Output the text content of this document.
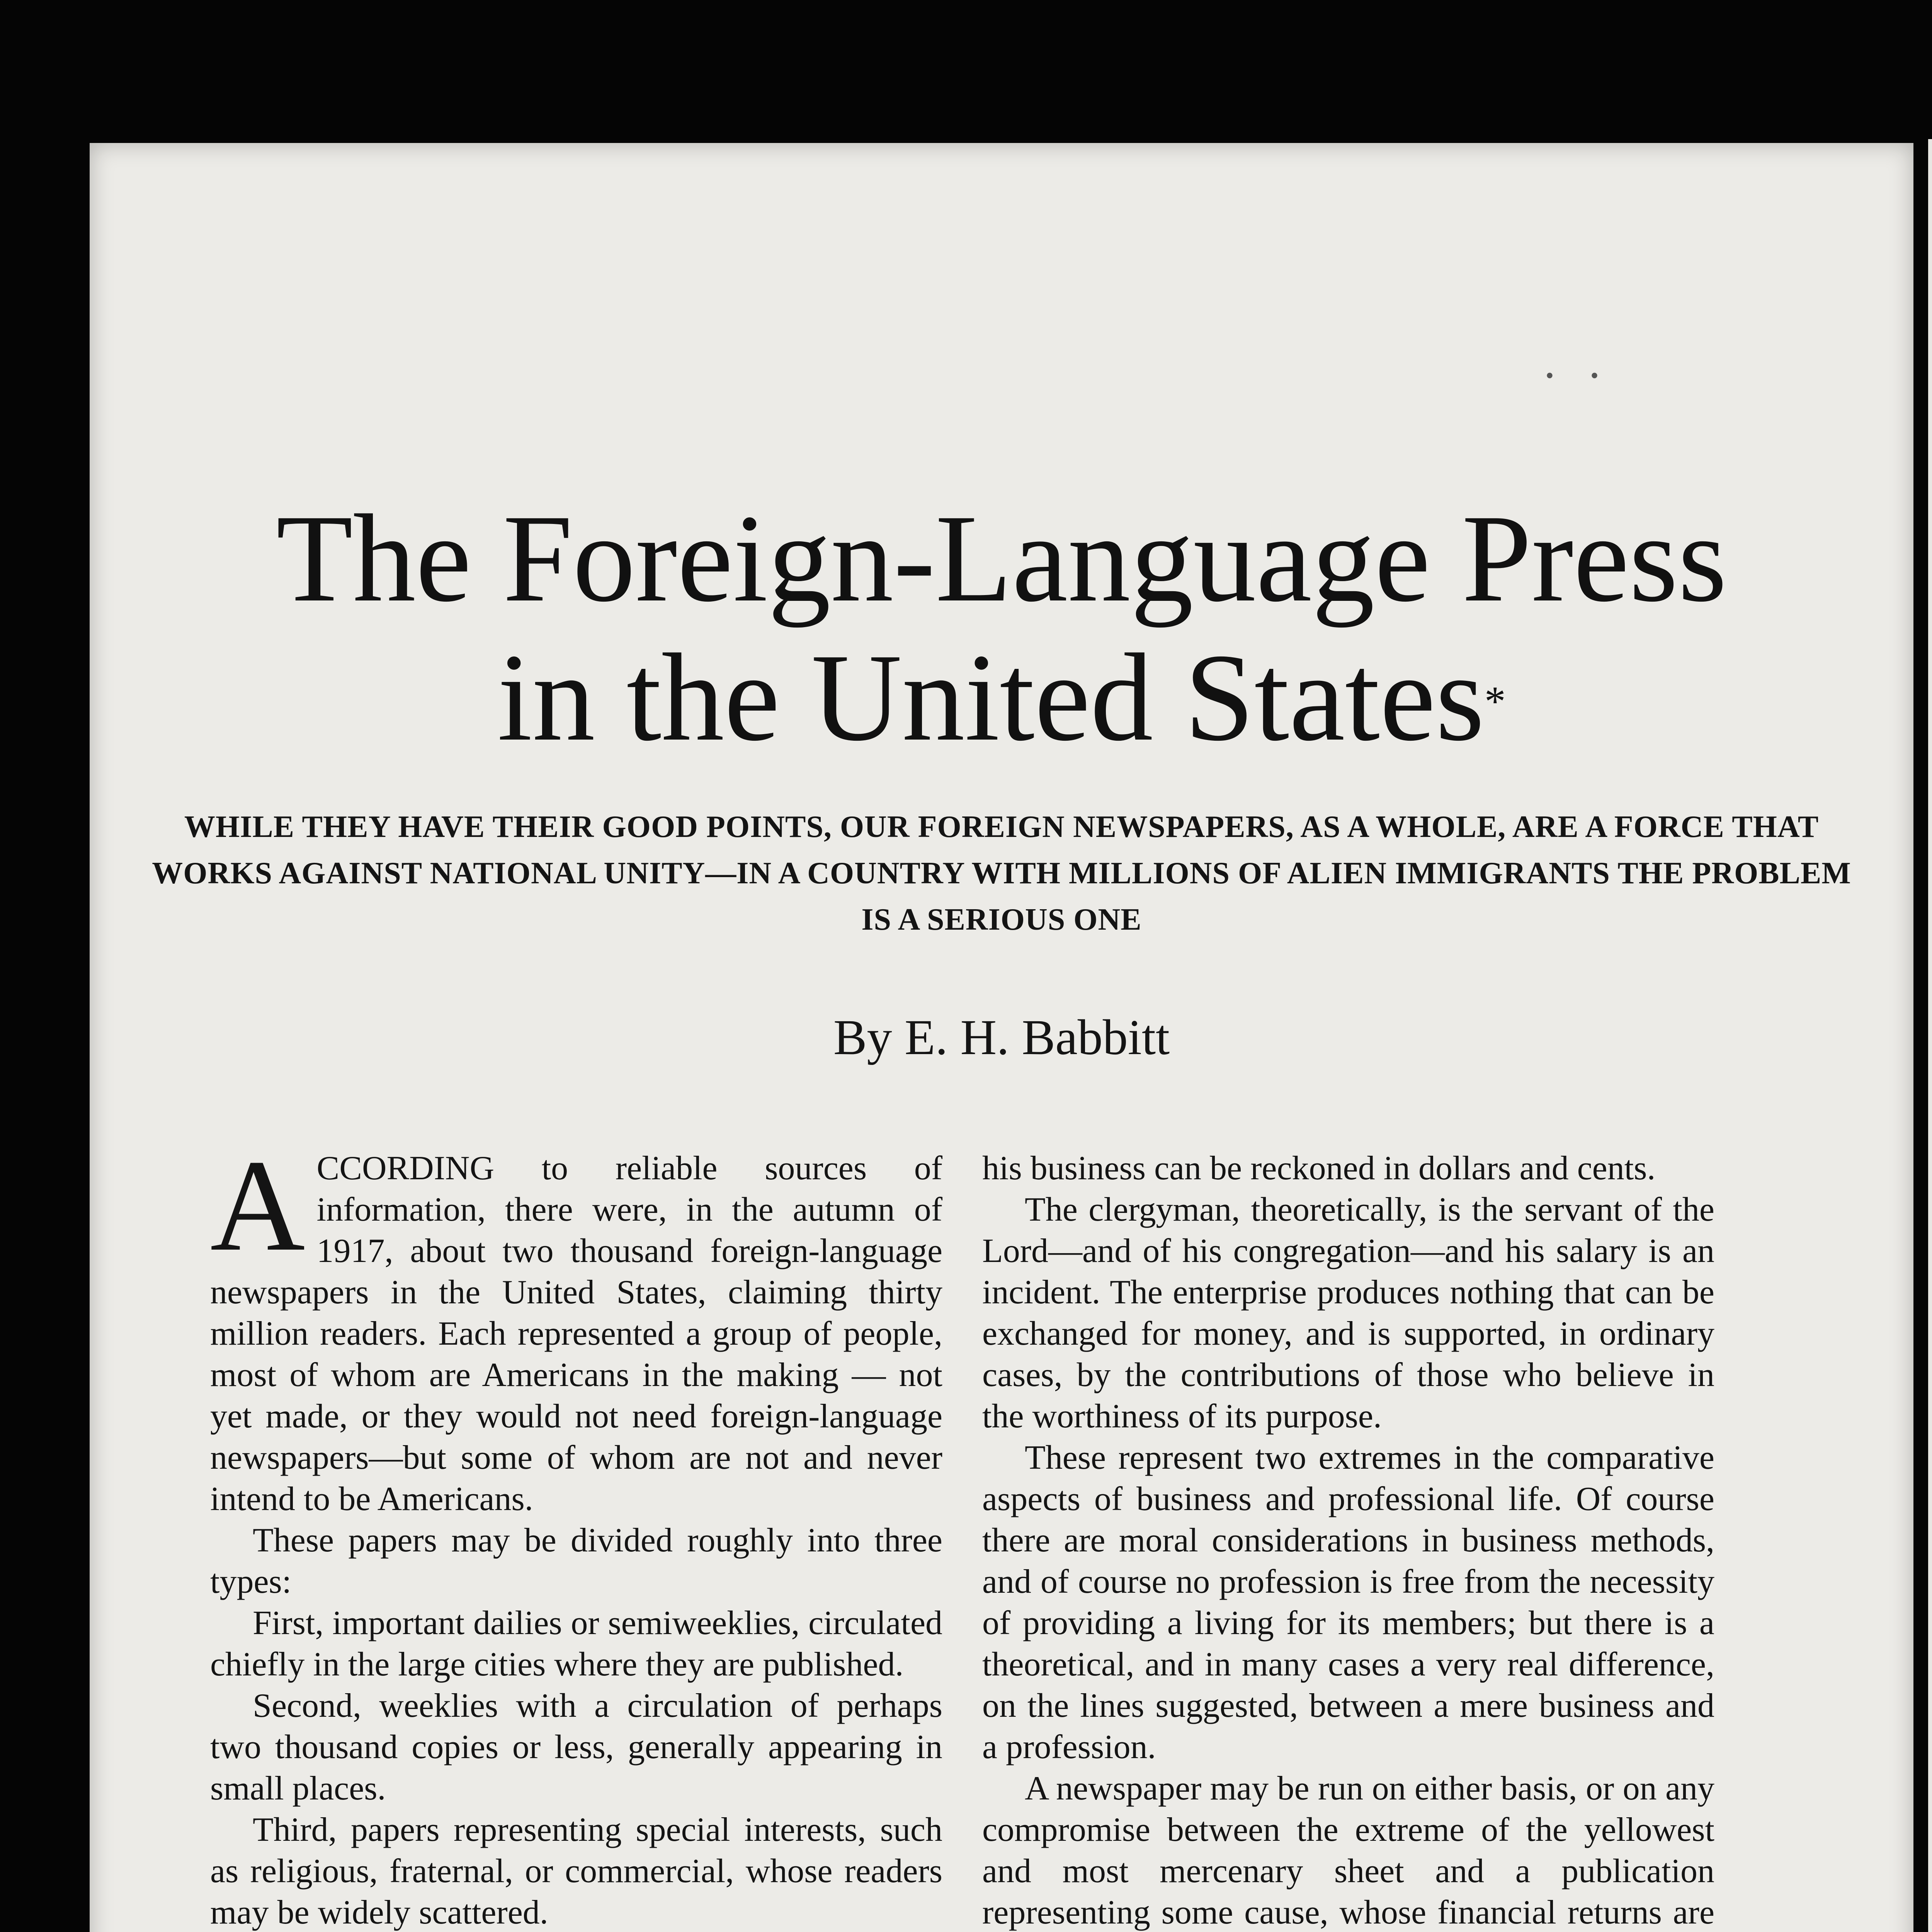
• •
The Foreign-Language Press
in the United States*
WHILE THEY HAVE THEIR GOOD POINTS, OUR FOREIGN NEWSPAPERS, AS A WHOLE, ARE A FORCE THAT WORKS AGAINST NATIONAL UNITY—IN A COUNTRY WITH MILLIONS OF ALIEN IMMIGRANTS THE PROBLEM IS A SERIOUS ONE
By E. H. Babbitt

ACCORDING to reliable sources of information, there were, in the autumn of 1917, about two thousand foreign-language newspapers in the United States, claiming thirty million readers. Each represented a group of people, most of whom are Americans in the making — not yet made, or they would not need foreign-language newspapers—but some of whom are not and never intend to be Americans.

These papers may be divided roughly into three types:

First, important dailies or semiweeklies, circulated chiefly in the large cities where they are published.

Second, weeklies with a circulation of perhaps two thousand copies or less, generally appearing in small places.

Third, papers representing special interests, such as religious, fraternal, or commercial, whose readers may be widely scattered.

his business can be reckoned in dollars and cents.

The clergyman, theoretically, is the servant of the Lord—and of his congregation—and his salary is an incident. The enterprise produces nothing that can be exchanged for money, and is supported, in ordinary cases, by the contributions of those who believe in the worthiness of its purpose.

These represent two extremes in the comparative aspects of business and professional life. Of course there are moral considerations in business methods, and of course no profession is free from the necessity of providing a living for its members; but there is a theoretical, and in many cases a very real difference, on the lines suggested, between a mere business and a profession.

A newspaper may be run on either basis, or on any compromise between the extreme of the yellowest and most mercenary sheet and a publication representing some cause, whose financial returns are
